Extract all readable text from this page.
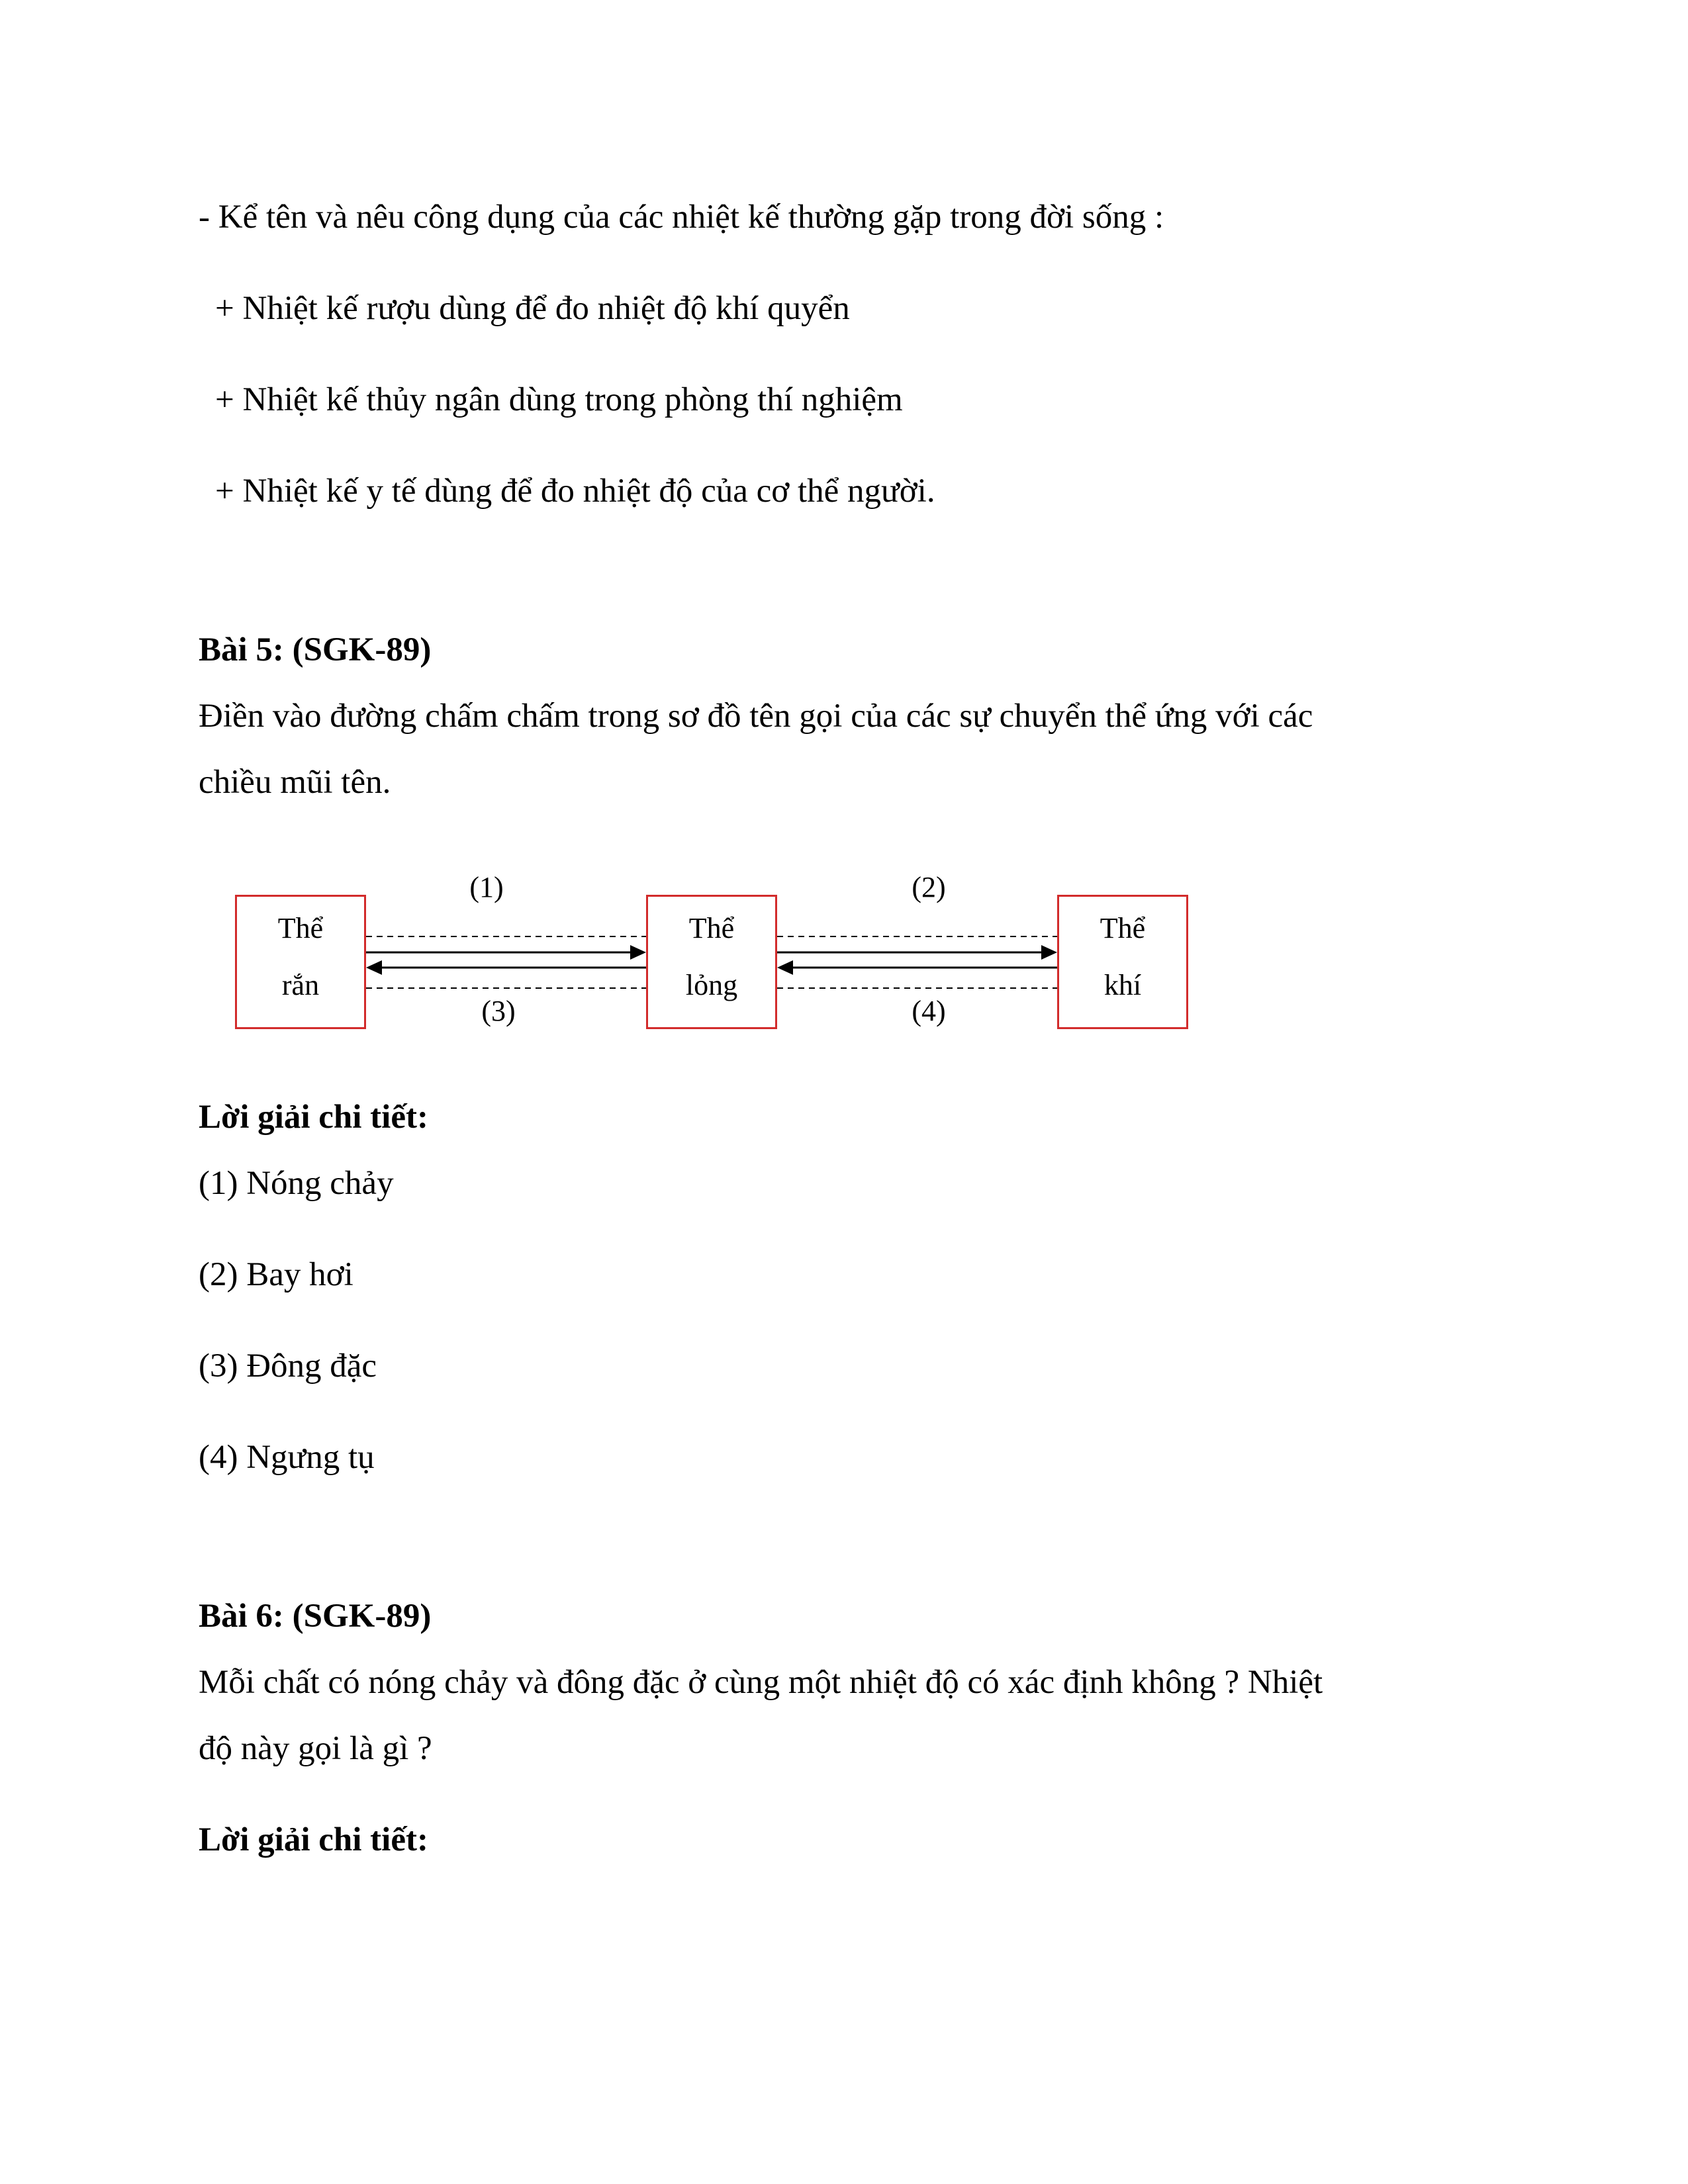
- Kể tên và nêu công dụng của các nhiệt kế thường gặp trong đời sống :
+ Nhiệt kế rượu dùng để đo nhiệt độ khí quyển
+ Nhiệt kế thủy ngân dùng trong phòng thí nghiệm
+ Nhiệt kế y tế dùng để đo nhiệt độ của cơ thể người.
Bài 5: (SGK-89)
Điền vào đường chấm chấm trong sơ đồ tên gọi của các sự chuyển thể ứng với các
chiều mũi tên.
Thể
rắn
Thể
lỏng
Thể
khí
(1)	(2)
(3)	(4)
Lời giải chi tiết:
(1) Nóng chảy
(2) Bay hơi
(3) Đông đặc
(4) Ngưng tụ
Bài 6: (SGK-89)
Mỗi chất có nóng chảy và đông đặc ở cùng một nhiệt độ có xác định không ? Nhiệt
độ này gọi là gì ?
Lời giải chi tiết:
